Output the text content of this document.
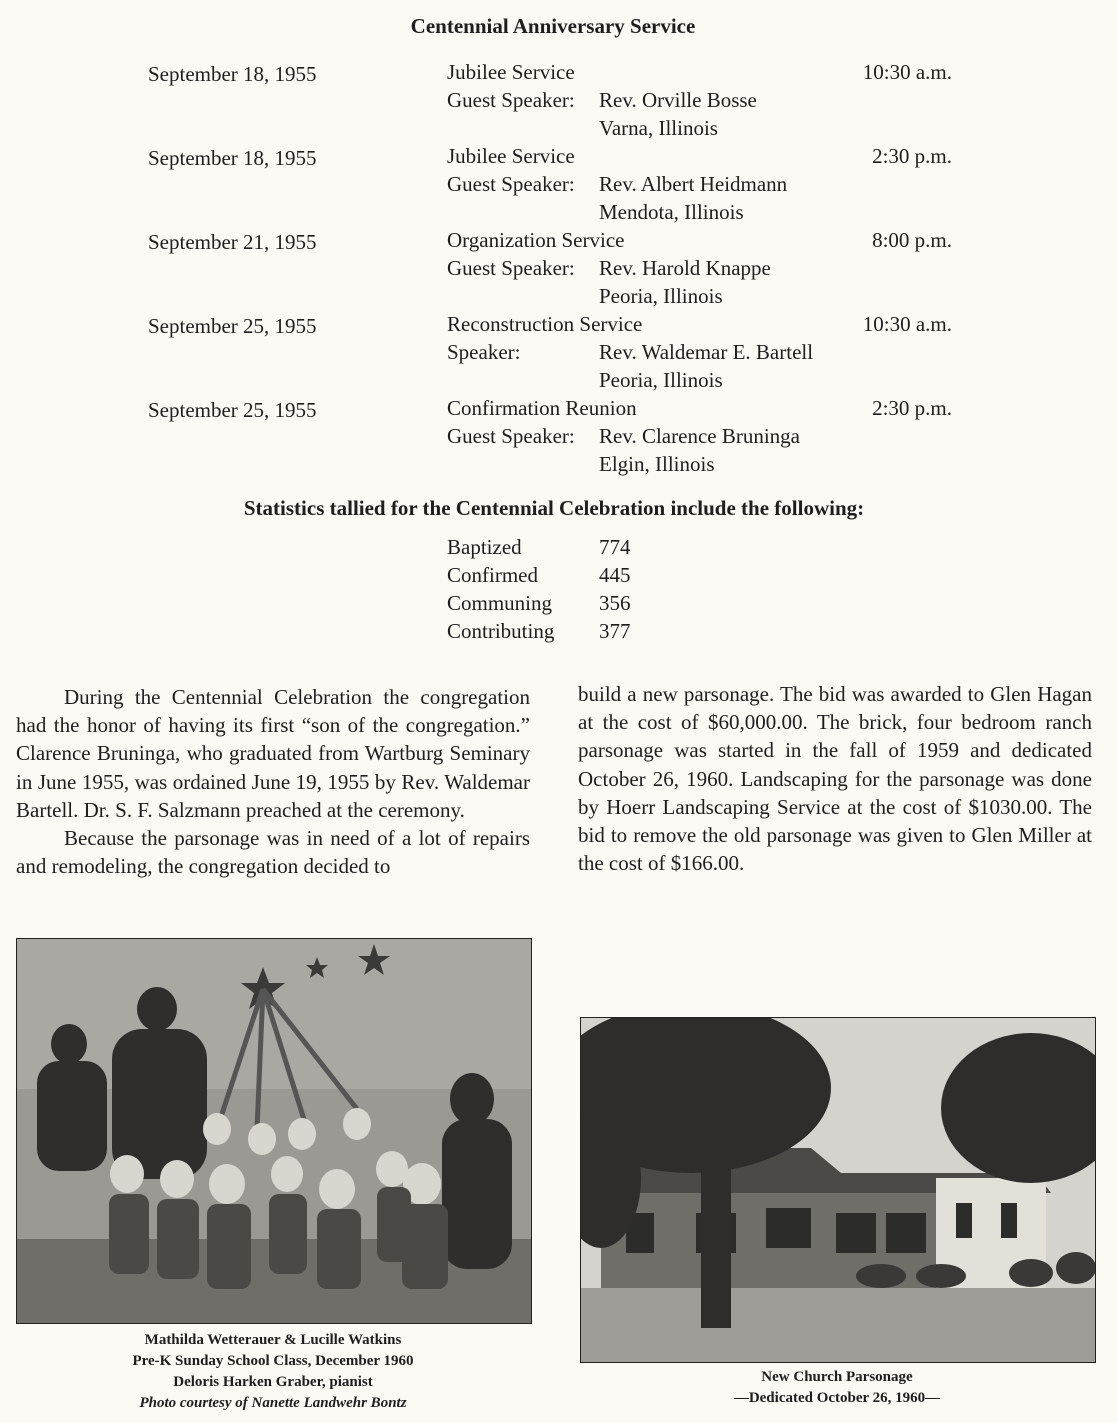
Centennial Anniversary Service
September 18, 1955	Jubilee Service	10:30 a.m.
Guest Speaker: Rev. Orville Bosse
Varna, Illinois
September 18, 1955	Jubilee Service	2:30 p.m.
Guest Speaker: Rev. Albert Heidmann
Mendota, Illinois
September 21, 1955	Organization Service	8:00 p.m.
Guest Speaker: Rev. Harold Knappe
Peoria, Illinois
September 25, 1955	Reconstruction Service	10:30 a.m.
Speaker:	Rev. Waldemar E. Bartell
Peoria, Illinois
September 25, 1955	Confirmation Reunion	2:30 p.m.
Guest Speaker: Rev. Clarence Bruninga
Elgin, Illinois
Statistics tallied for the Centennial Celebration include the following:
Baptized	774
Confirmed	445
Communing 356
Contributing 377

During the Centennial Celebration the congregation had the honor of having its first “son of the congregation.” Clarence Bruninga, who graduated from Wartburg Seminary in June 1955, was ordained June 19, 1955 by Rev. Waldemar Bartell. Dr. S. F. Salzmann preached at the ceremony.

Because the parsonage was in need of a lot of repairs and remodeling, the congregation decided to

build a new parsonage. The bid was awarded to Glen Hagan at the cost of $60,000.00. The brick, four bedroom ranch parsonage was started in the fall of 1959 and dedicated October 26, 1960. Landscaping for the parsonage was done by Hoerr Landscaping Service at the cost of $1030.00. The bid to remove the old parsonage was given to Glen Miller at the cost of $166.00.

Mathilda Wetterauer & Lucille Watkins
Pre-K Sunday School Class, December 1960
Deloris Harken Graber, pianist
Photo courtesy of Nanette Landwehr Bontz
New Church Parsonage
—Dedicated October 26, 1960—
